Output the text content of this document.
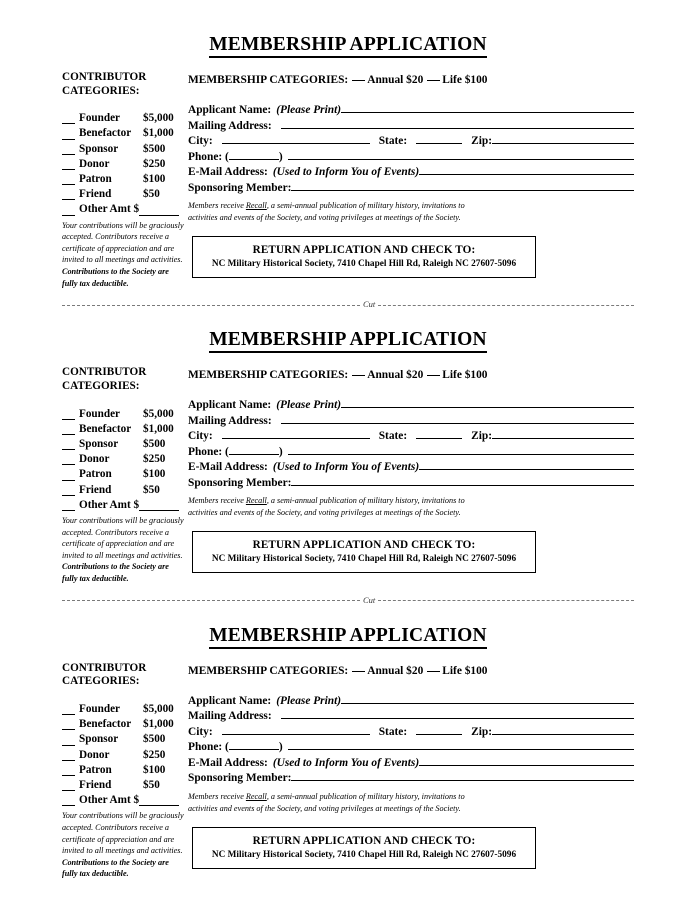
MEMBERSHIP APPLICATION
CONTRIBUTOR
CATEGORIES:
Founder	$5,000
Benefactor	$1,000
Sponsor	$500
Donor	$250
Patron	$100
Friend	$50
Other Amt $
Your contributions will be graciously
accepted. Contributors receive a
certificate of appreciation and are
invited to all meetings and activities.
Contributions to the Society are
fully tax deductible.
MEMBERSHIP CATEGORIES: Annual $20 Life $100
Applicant Name: (Please Print)
Mailing Address:
City:	State:	Zip:
Phone: (	)
E-Mail Address: (Used to Inform You of Events)
Sponsoring Member:
Members receive Recall, a semi-annual publication of military history, invitations to
activities and events of the Society, and voting privileges at meetings of the Society.
RETURN APPLICATION AND CHECK TO:
NC Military Historical Society, 7410 Chapel Hill Rd, Raleigh NC 27607-5096
Cut
MEMBERSHIP APPLICATION
CONTRIBUTOR
CATEGORIES:
Founder	$5,000
Benefactor	$1,000
Sponsor	$500
Donor	$250
Patron	$100
Friend	$50
Other Amt $
Your contributions will be graciously
accepted. Contributors receive a
certificate of appreciation and are
invited to all meetings and activities.
Contributions to the Society are
fully tax deductible.
MEMBERSHIP CATEGORIES: Annual $20 Life $100
Applicant Name: (Please Print)
Mailing Address:
City:	State:	Zip:
Phone: (	)
E-Mail Address: (Used to Inform You of Events)
Sponsoring Member:
Members receive Recall, a semi-annual publication of military history, invitations to
activities and events of the Society, and voting privileges at meetings of the Society.
RETURN APPLICATION AND CHECK TO:
NC Military Historical Society, 7410 Chapel Hill Rd, Raleigh NC 27607-5096
Cut
MEMBERSHIP APPLICATION
CONTRIBUTOR
CATEGORIES:
Founder	$5,000
Benefactor	$1,000
Sponsor	$500
Donor	$250
Patron	$100
Friend	$50
Other Amt $
Your contributions will be graciously
accepted. Contributors receive a
certificate of appreciation and are
invited to all meetings and activities.
Contributions to the Society are
fully tax deductible.
MEMBERSHIP CATEGORIES: Annual $20 Life $100
Applicant Name: (Please Print)
Mailing Address:
City:	State:	Zip:
Phone: (	)
E-Mail Address: (Used to Inform You of Events)
Sponsoring Member:
Members receive Recall, a semi-annual publication of military history, invitations to
activities and events of the Society, and voting privileges at meetings of the Society.
RETURN APPLICATION AND CHECK TO:
NC Military Historical Society, 7410 Chapel Hill Rd, Raleigh NC 27607-5096
